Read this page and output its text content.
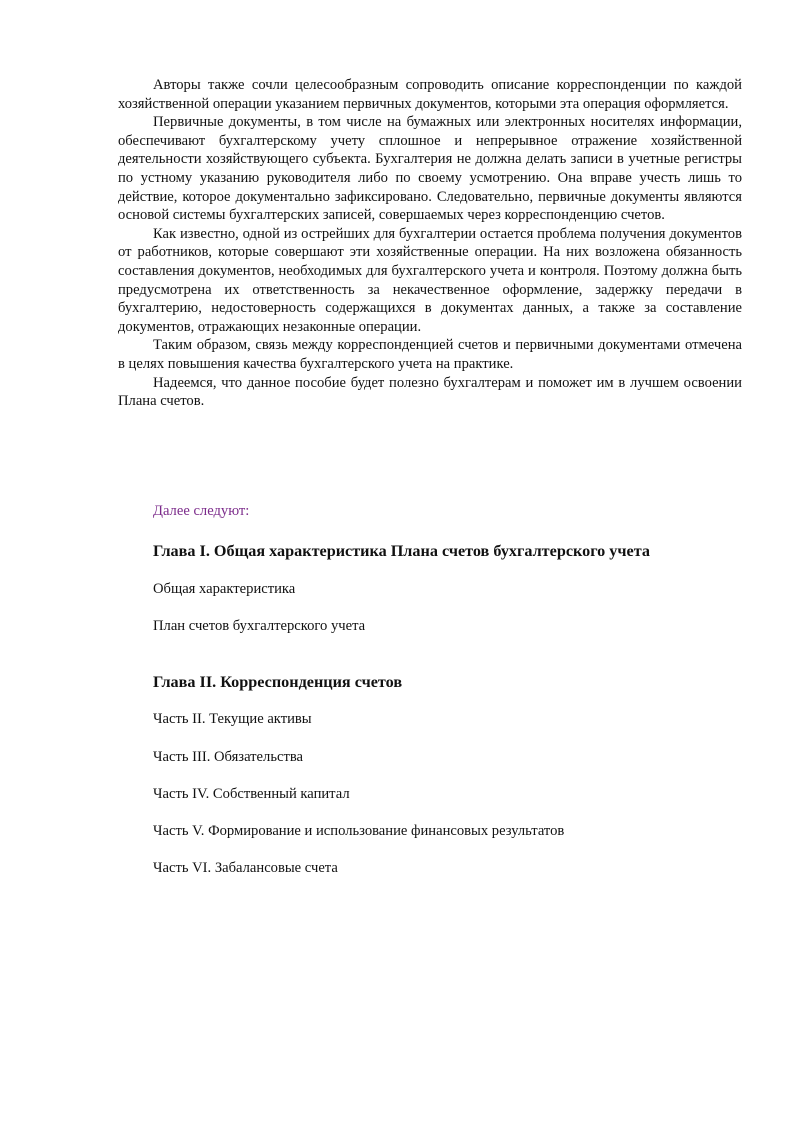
Авторы также сочли целесообразным сопроводить описание корреспонденции по каждой хозяйственной операции указанием первичных документов, которыми эта операция оформляется.

Первичные документы, в том числе на бумажных или электронных носителях информации, обеспечивают бухгалтерскому учету сплошное и непрерывное отражение хозяйственной деятельности хозяйствующего субъекта. Бухгалтерия не должна делать записи в учетные регистры по устному указанию руководителя либо по своему усмотрению. Она вправе учесть лишь то действие, которое документально зафиксировано. Следовательно, первичные документы являются основой системы бухгалтерских записей, совершаемых через корреспонденцию счетов.

Как известно, одной из острейших для бухгалтерии остается проблема получения документов от работников, которые совершают эти хозяйственные операции. На них возложена обязанность составления документов, необходимых для бухгалтерского учета и контроля. Поэтому должна быть предусмотрена их ответственность за некачественное оформление, задержку передачи в бухгалтерию, недостоверность содержащихся в документах данных, а также за составление документов, отражающих незаконные операции.

Таким образом, связь между корреспонденцией счетов и первичными документами отмечена в целях повышения качества бухгалтерского учета на практике.

Надеемся, что данное пособие будет полезно бухгалтерам и поможет им в лучшем освоении Плана счетов.

Далее следуют:

Глава I. Общая характеристика Плана счетов бухгалтерского учета

Общая характеристика

План счетов бухгалтерского учета

Глава II. Корреспонденция счетов

Часть II. Текущие активы

Часть III. Обязательства

Часть IV. Собственный капитал

Часть V. Формирование и использование финансовых результатов

Часть VI. Забалансовые счета
